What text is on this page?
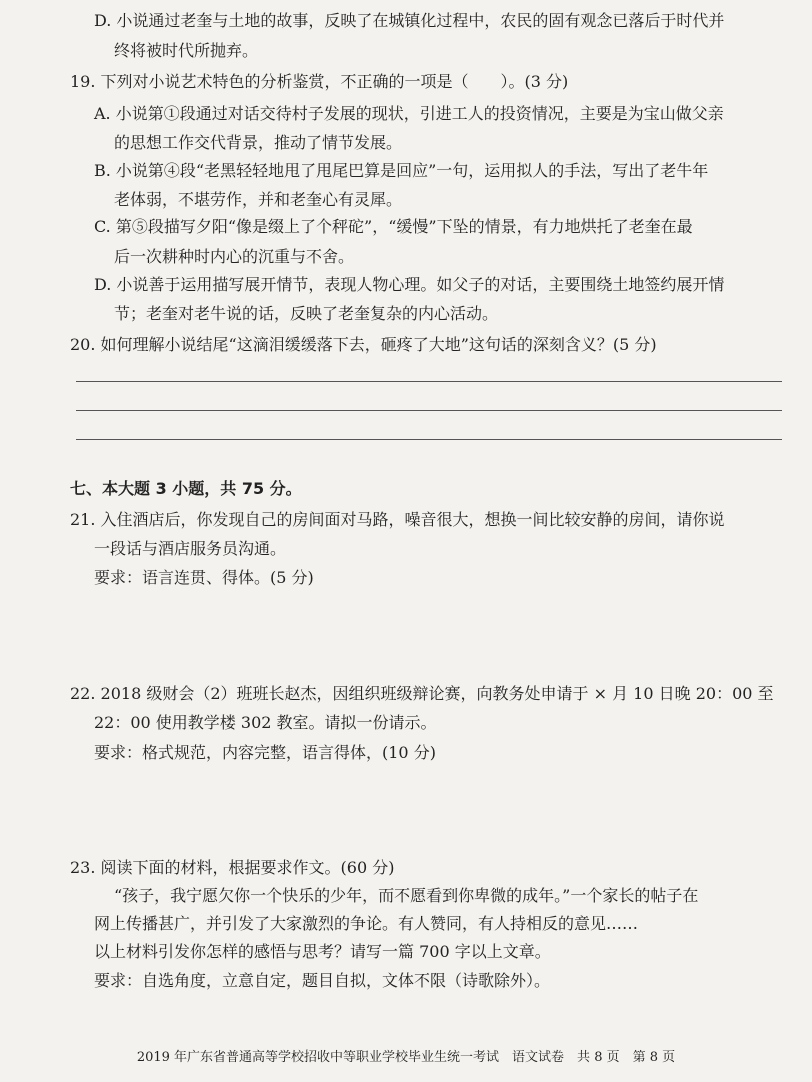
D. 小说通过老奎与土地的故事，反映了在城镇化过程中，农民的固有观念已落后于时代并
终将被时代所抛弃。
19. 下列对小说艺术特色的分析鉴赏，不正确的一项是（　　）。(3 分)
A. 小说第①段通过对话交待村子发展的现状，引进工人的投资情况，主要是为宝山做父亲
的思想工作交代背景，推动了情节发展。
B. 小说第④段“老黑轻轻地甩了甩尾巴算是回应”一句，运用拟人的手法，写出了老牛年
老体弱，不堪劳作，并和老奎心有灵犀。
C. 第⑤段描写夕阳“像是缀上了个秤砣”，“缓慢”下坠的情景，有力地烘托了老奎在最
后一次耕种时内心的沉重与不舍。
D. 小说善于运用描写展开情节，表现人物心理。如父子的对话，主要围绕土地签约展开情
节；老奎对老牛说的话，反映了老奎复杂的内心活动。
20. 如何理解小说结尾“这滴泪缓缓落下去，砸疼了大地”这句话的深刻含义？(5 分)
七、本大题 3 小题，共 75 分。
21. 入住酒店后，你发现自己的房间面对马路，噪音很大，想换一间比较安静的房间，请你说
一段话与酒店服务员沟通。
要求：语言连贯、得体。(5 分)
22. 2018 级财会（2）班班长赵杰，因组织班级辩论赛，向教务处申请于 × 月 10 日晚 20：00 至
22：00 使用教学楼 302 教室。请拟一份请示。
要求：格式规范，内容完整，语言得体，(10 分)
23. 阅读下面的材料，根据要求作文。(60 分)
“孩子，我宁愿欠你一个快乐的少年，而不愿看到你卑微的成年。”一个家长的帖子在
网上传播甚广，并引发了大家激烈的争论。有人赞同，有人持相反的意见……
以上材料引发你怎样的感悟与思考？请写一篇 700 字以上文章。
要求：自选角度，立意自定，题目自拟，文体不限（诗歌除外）。
2019 年广东省普通高等学校招收中等职业学校毕业生统一考试　语文试卷　共 8 页　第 8 页
